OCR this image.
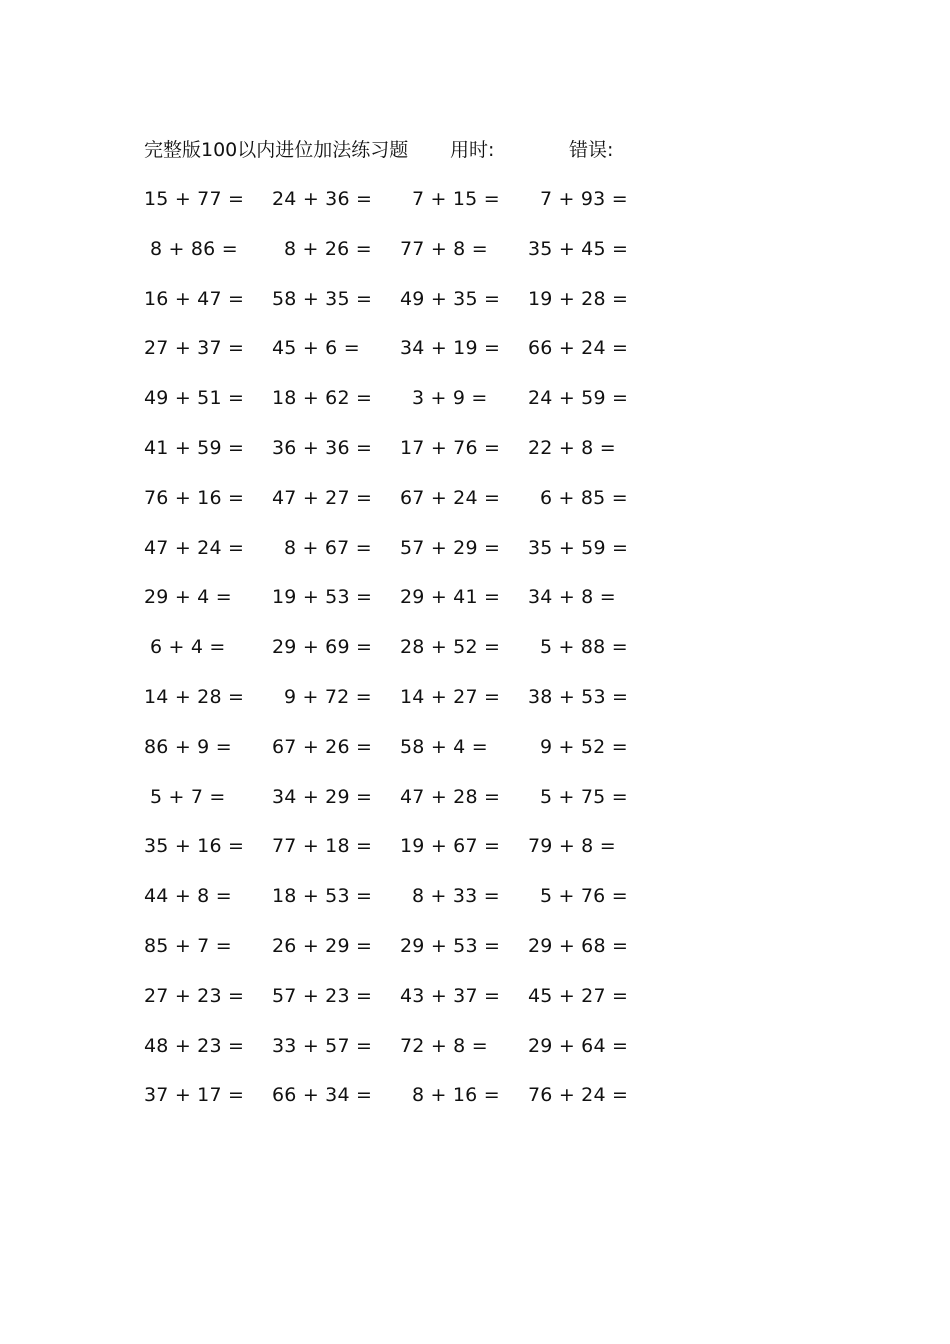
完整版100以内进位加法练习题 用时:	错误:
15 + 77 =	24 + 36 =	7 + 15 =	7 + 93 =
8 + 86 =	8 + 26 =	77 + 8 =	35 + 45 =
16 + 47 =	58 + 35 =	49 + 35 =	19 + 28 =
27 + 37 =	45 + 6 =	34 + 19 =	66 + 24 =
49 + 51 =	18 + 62 =	3 + 9 =	24 + 59 =
41 + 59 =	36 + 36 =	17 + 76 =	22 + 8 =
76 + 16 =	47 + 27 =	67 + 24 =	6 + 85 =
47 + 24 =	8 + 67 =	57 + 29 =	35 + 59 =
29 + 4 =	19 + 53 =	29 + 41 =	34 + 8 =
6 + 4 =	29 + 69 =	28 + 52 =	5 + 88 =
14 + 28 =	9 + 72 =	14 + 27 =	38 + 53 =
86 + 9 =	67 + 26 =	58 + 4 =	9 + 52 =
5 + 7 =	34 + 29 =	47 + 28 =	5 + 75 =
35 + 16 =	77 + 18 =	19 + 67 =	79 + 8 =
44 + 8 =	18 + 53 =	8 + 33 =	5 + 76 =
85 + 7 =	26 + 29 =	29 + 53 =	29 + 68 =
27 + 23 =	57 + 23 =	43 + 37 =	45 + 27 =
48 + 23 =	33 + 57 =	72 + 8 =	29 + 64 =
37 + 17 =	66 + 34 =	8 + 16 =	76 + 24 =
